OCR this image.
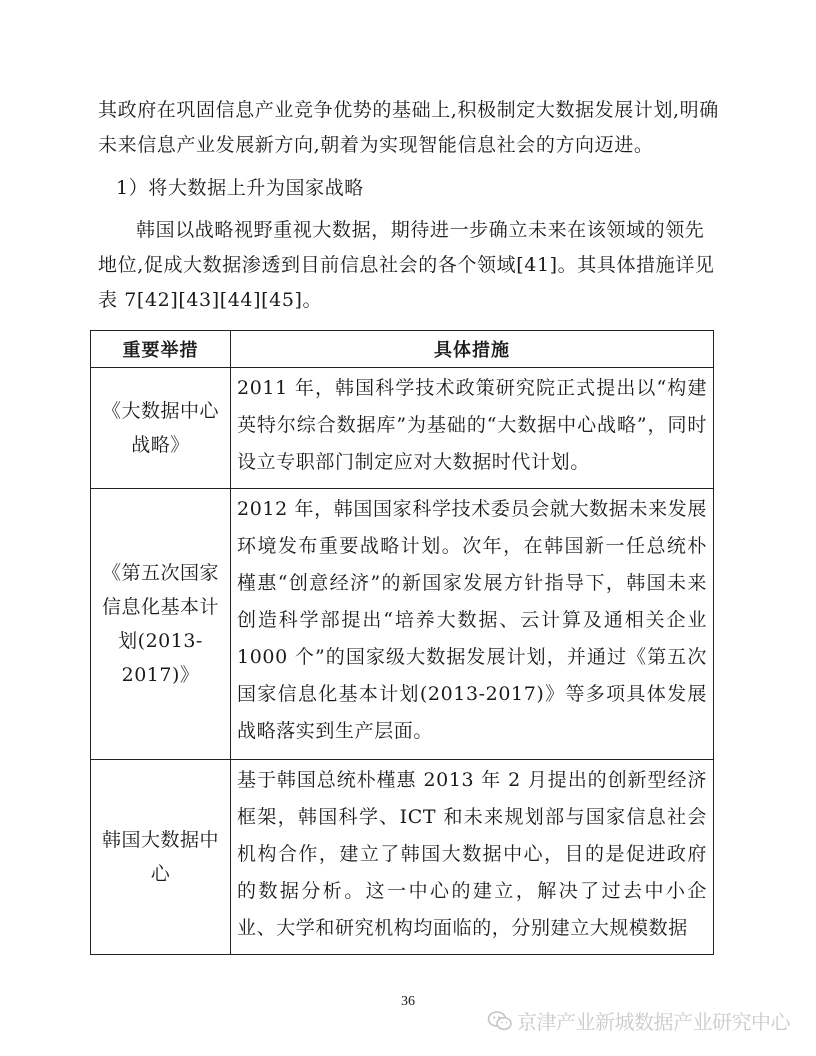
其政府在巩固信息产业竞争优势的基础上,积极制定大数据发展计划,明确未来信息产业发展新方向,朝着为实现智能信息社会的方向迈进。

1）将大数据上升为国家战略

韩国以战略视野重视大数据，期待进一步确立未来在该领域的领先地位,促成大数据渗透到目前信息社会的各个领域[41]。其具体措施详见表 7[42][43][44][45]。

重要举措	具体措施
《大数据中心战略》	2011 年，韩国科学技术政策研究院正式提出以“构建英特尔综合数据库”为基础的“大数据中心战略”，同时设立专职部门制定应对大数据时代计划。
《第五次国家信息化基本计划(2013-2017)》	2012 年，韩国国家科学技术委员会就大数据未来发展环境发布重要战略计划。次年，在韩国新一任总统朴槿惠“创意经济”的新国家发展方针指导下，韩国未来创造科学部提出“培养大数据、云计算及通相关企业 1000 个”的国家级大数据发展计划，并通过《第五次国家信息化基本计划(2013-2017)》等多项具体发展战略落实到生产层面。
韩国大数据中心	基于韩国总统朴槿惠 2013 年 2 月提出的创新型经济框架，韩国科学、ICT 和未来规划部与国家信息社会机构合作，建立了韩国大数据中心，目的是促进政府的数据分析。这一中心的建立，解决了过去中小企业、大学和研究机构均面临的，分别建立大规模数据
36
京津产业新城数据产业研究中心
